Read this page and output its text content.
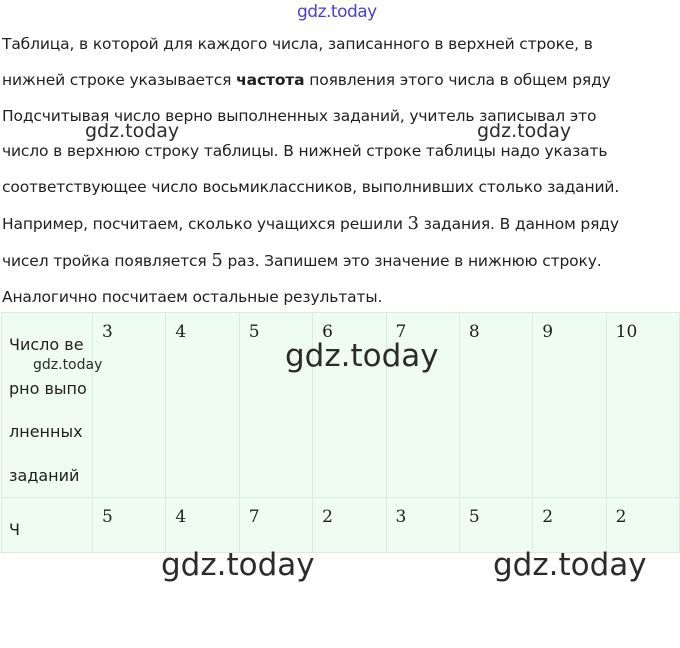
gdz.today

Таблица, в которой для каждого числа, записанного в верхней строке, в

нижней строке указывается частота появления этого числа в общем ряду

Подсчитывая число верно выполненных заданий, учитель записывал это

число в верхнюю строку таблицы. В нижней строке таблицы надо указать

соответствующее число восьмиклассников, выполнивших столько заданий.

Например, посчитаем, сколько учащихся решили 3 задания. В данном ряду

чисел тройка появляется 5 раз. Запишем это значение в нижнюю строку.

Аналогично посчитаем остальные результаты.

gdz.today	gdz.today
Число верно выполненных заданий	3	4	5	6	7	8	9	10
Ч	5	4	7	2	3	5	2	2
gdz.today	gdz.today
gdz.today	gdz.today
